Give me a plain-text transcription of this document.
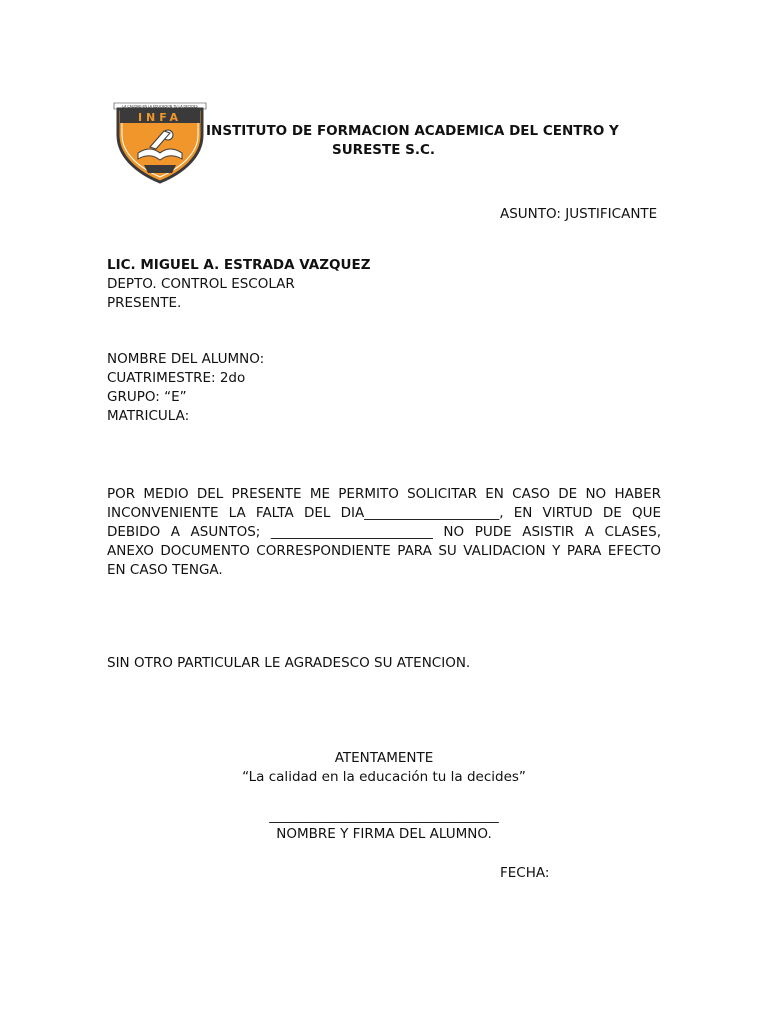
LA CALIDAD EN LA EDUCACION TU LA DECIDES
INFA
INSTITUTO DE FORMACION ACADEMICA DEL CENTRO Y
SURESTE S.C.
ASUNTO: JUSTIFICANTE
LIC. MIGUEL A. ESTRADA VAZQUEZ
DEPTO. CONTROL ESCOLAR
PRESENTE.
NOMBRE DEL ALUMNO:
CUATRIMESTRE: 2do
GRUPO: “E”
MATRICULA:
POR MEDIO DEL PRESENTE ME PERMITO SOLICITAR EN CASO DE NO HABER
INCONVENIENTE LA FALTA DEL DIA____________________, EN VIRTUD DE QUE
DEBIDO A ASUNTOS; ________________________ NO PUDE ASISTIR A CLASES,
ANEXO DOCUMENTO CORRESPONDIENTE PARA SU VALIDACION Y PARA EFECTO
EN CASO TENGA.
SIN OTRO PARTICULAR LE AGRADESCO SU ATENCION.
ATENTAMENTE
“La calidad en la educación tu la decides”
__________________________________
NOMBRE Y FIRMA DEL ALUMNO.
FECHA:
